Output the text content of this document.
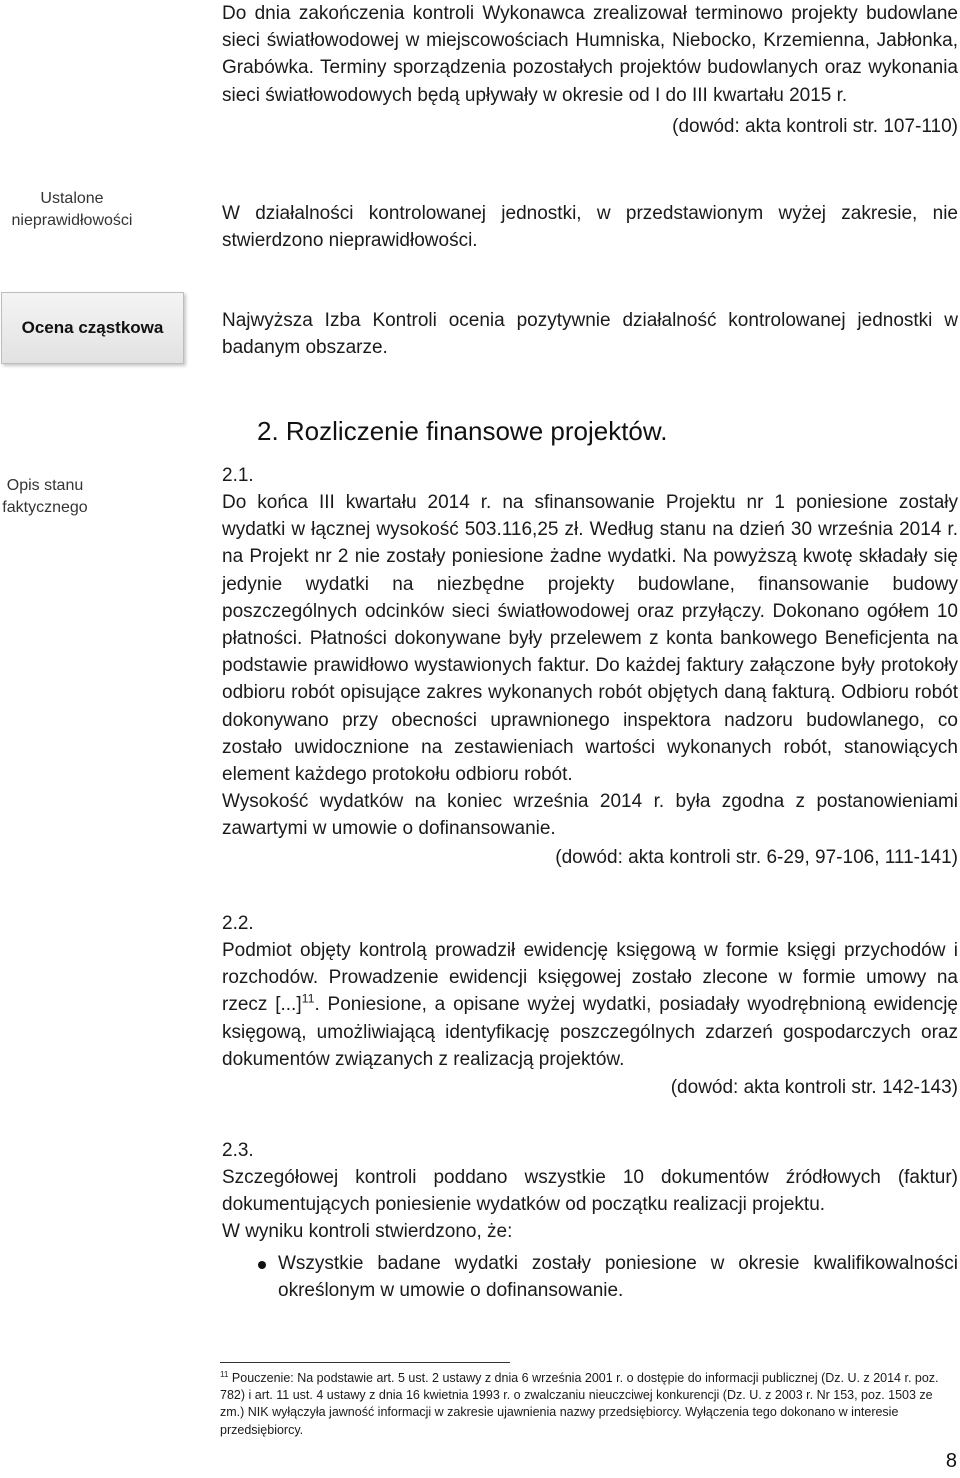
Do dnia zakończenia kontroli Wykonawca zrealizował terminowo projekty budowlane sieci światłowodowej w miejscowościach Humniska, Niebocko, Krzemienna, Jabłonka, Grabówka. Terminy sporządzenia pozostałych projektów budowlanych oraz wykonania sieci światłowodowych będą upływały w okresie od I do III kwartału 2015 r.

(dowód: akta kontroli str. 107-110)

Ustalone nieprawidłowości	W działalności kontrolowanej jednostki, w przedstawionym wyżej zakresie, nie stwierdzono nieprawidłowości.

Ocena cząstkowa	Najwyższa Izba Kontroli ocenia pozytywnie działalność kontrolowanej jednostki w badanym obszarze.

2. Rozliczenie finansowe projektów.
Opis stanu faktycznego

2.1.

Do końca III kwartału 2014 r. na sfinansowanie Projektu nr 1 poniesione zostały wydatki w łącznej wysokość 503.116,25 zł. Według stanu na dzień 30 września 2014 r. na Projekt nr 2 nie zostały poniesione żadne wydatki. Na powyższą kwotę składały się jedynie wydatki na niezbędne projekty budowlane, finansowanie budowy poszczególnych odcinków sieci światłowodowej oraz przyłączy. Dokonano ogółem 10 płatności. Płatności dokonywane były przelewem z konta bankowego Beneficjenta na podstawie prawidłowo wystawionych faktur. Do każdej faktury załączone były protokoły odbioru robót opisujące zakres wykonanych robót objętych daną fakturą. Odbioru robót dokonywano przy obecności uprawnionego inspektora nadzoru budowlanego, co zostało uwidocznione na zestawieniach wartości wykonanych robót, stanowiących element każdego protokołu odbioru robót.

Wysokość wydatków na koniec września 2014 r. była zgodna z postanowieniami zawartymi w umowie o dofinansowanie.

(dowód: akta kontroli str. 6-29, 97-106, 111-141)

2.2.

Podmiot objęty kontrolą prowadził ewidencję księgową w formie księgi przychodów i rozchodów. Prowadzenie ewidencji księgowej zostało zlecone w formie umowy na rzecz [...]$^{11}$. Poniesione, a opisane wyżej wydatki, posiadały wyodrębnioną ewidencję księgową, umożliwiającą identyfikację poszczególnych zdarzeń gospodarczych oraz dokumentów związanych z realizacją projektów.

(dowód: akta kontroli str. 142-143)

2.3.

Szczegółowej kontroli poddano wszystkie 10 dokumentów źródłowych (faktur) dokumentujących poniesienie wydatków od początku realizacji projektu.

W wyniku kontroli stwierdzono, że:

Wszystkie badane wydatki zostały poniesione w okresie kwalifikowalności określonym w umowie o dofinansowanie.
$^{11}$ Pouczenie: Na podstawie art. 5 ust. 2 ustawy z dnia 6 września 2001 r. o dostępie do informacji publicznej (Dz. U. z 2014 r. poz. 782) i art. 11 ust. 4 ustawy z dnia 16 kwietnia 1993 r. o zwalczaniu nieuczciwej konkurencji (Dz. U. z 2003 r. Nr 153, poz. 1503 ze zm.) NIK wyłączyła jawność informacji w zakresie ujawnienia nazwy przedsiębiorcy. Wyłączenia tego dokonano w interesie przedsiębiorcy.
8
